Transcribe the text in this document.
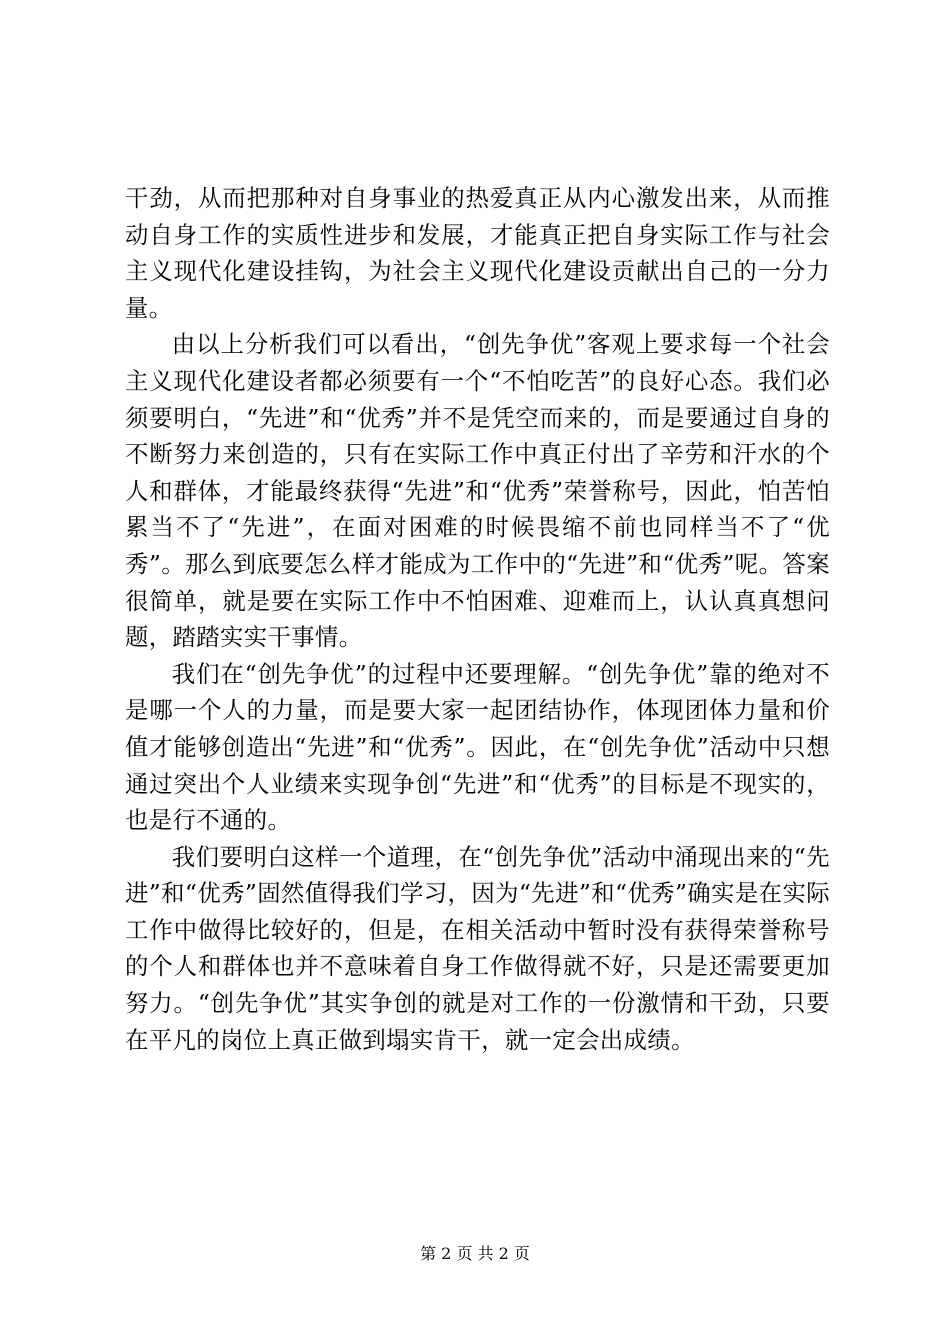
干劲，从而把那种对自身事业的热爱真正从内心激发出来，从而推动自身工作的实质性进步和发展，才能真正把自身实际工作与社会主义现代化建设挂钩，为社会主义现代化建设贡献出自己的一分力量。

由以上分析我们可以看出，“创先争优”客观上要求每一个社会主义现代化建设者都必须要有一个“不怕吃苦”的良好心态。我们必须要明白，“先进”和“优秀”并不是凭空而来的，而是要通过自身的不断努力来创造的，只有在实际工作中真正付出了辛劳和汗水的个人和群体，才能最终获得“先进”和“优秀”荣誉称号，因此，怕苦怕累当不了“先进”，在面对困难的时候畏缩不前也同样当不了“优秀”。那么到底要怎么样才能成为工作中的“先进”和“优秀”呢。答案很简单，就是要在实际工作中不怕困难、迎难而上，认认真真想问题，踏踏实实干事情。

我们在“创先争优”的过程中还要理解。“创先争优”靠的绝对不是哪一个人的力量，而是要大家一起团结协作，体现团体力量和价值才能够创造出“先进”和“优秀”。因此，在“创先争优”活动中只想通过突出个人业绩来实现争创“先进”和“优秀”的目标是不现实的，也是行不通的。

我们要明白这样一个道理，在“创先争优”活动中涌现出来的“先进”和“优秀”固然值得我们学习，因为“先进”和“优秀”确实是在实际工作中做得比较好的，但是，在相关活动中暂时没有获得荣誉称号的个人和群体也并不意味着自身工作做得就不好，只是还需要更加努力。“创先争优”其实争创的就是对工作的一份激情和干劲，只要在平凡的岗位上真正做到塌实肯干，就一定会出成绩。

第 2 页 共 2 页
